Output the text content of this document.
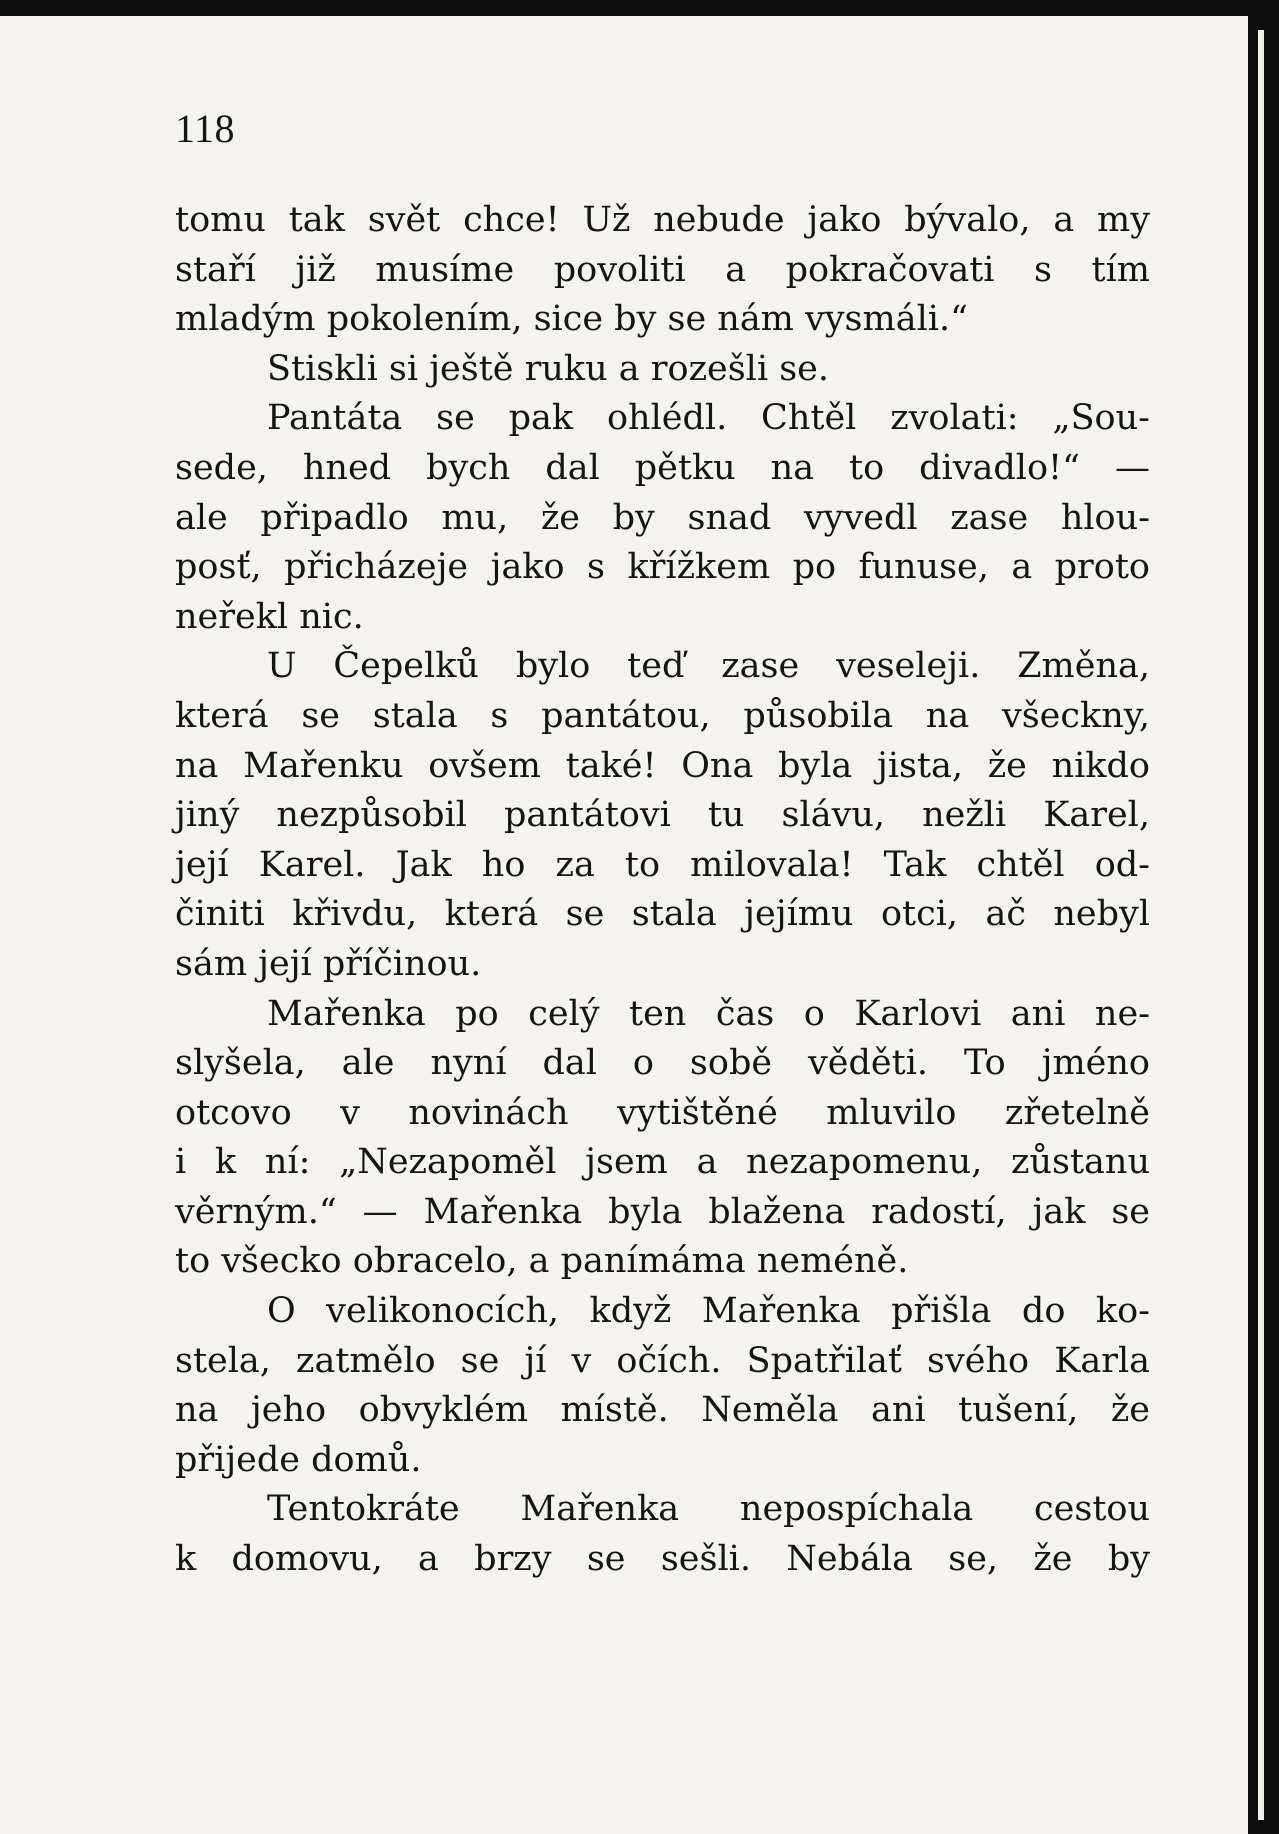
118
tomu tak svět chce! Už nebude jako bývalo, a my
staří již musíme povoliti a pokračovati s tím
mladým pokolením, sice by se nám vysmáli.“
Stiskli si ještě ruku a rozešli se.
Pantáta se pak ohlédl. Chtěl zvolati: „Sou-
sede, hned bych dal pětku na to divadlo!“ —
ale připadlo mu, že by snad vyvedl zase hlou-
posť, přicházeje jako s křížkem po funuse, a proto
neřekl nic.
U Čepelků bylo teď zase veseleji. Změna,
která se stala s pantátou, působila na všeckny,
na Mařenku ovšem také! Ona byla jista, že nikdo
jiný nezpůsobil pantátovi tu slávu, nežli Karel,
její Karel. Jak ho za to milovala! Tak chtěl od-
činiti křivdu, která se stala jejímu otci, ač nebyl
sám její příčinou.
Mařenka po celý ten čas o Karlovi ani ne-
slyšela, ale nyní dal o sobě věděti. To jméno
otcovo v novinách vytištěné mluvilo zřetelně
i k ní: „Nezapoměl jsem a nezapomenu, zůstanu
věrným.“ — Mařenka byla blažena radostí, jak se
to všecko obracelo, a panímáma neméně.
O velikonocích, když Mařenka přišla do ko-
stela, zatmělo se jí v očích. Spatřilať svého Karla
na jeho obvyklém místě. Neměla ani tušení, že
přijede domů.
Tentokráte Mařenka nepospíchala cestou
k domovu, a brzy se sešli. Nebála se, že by
